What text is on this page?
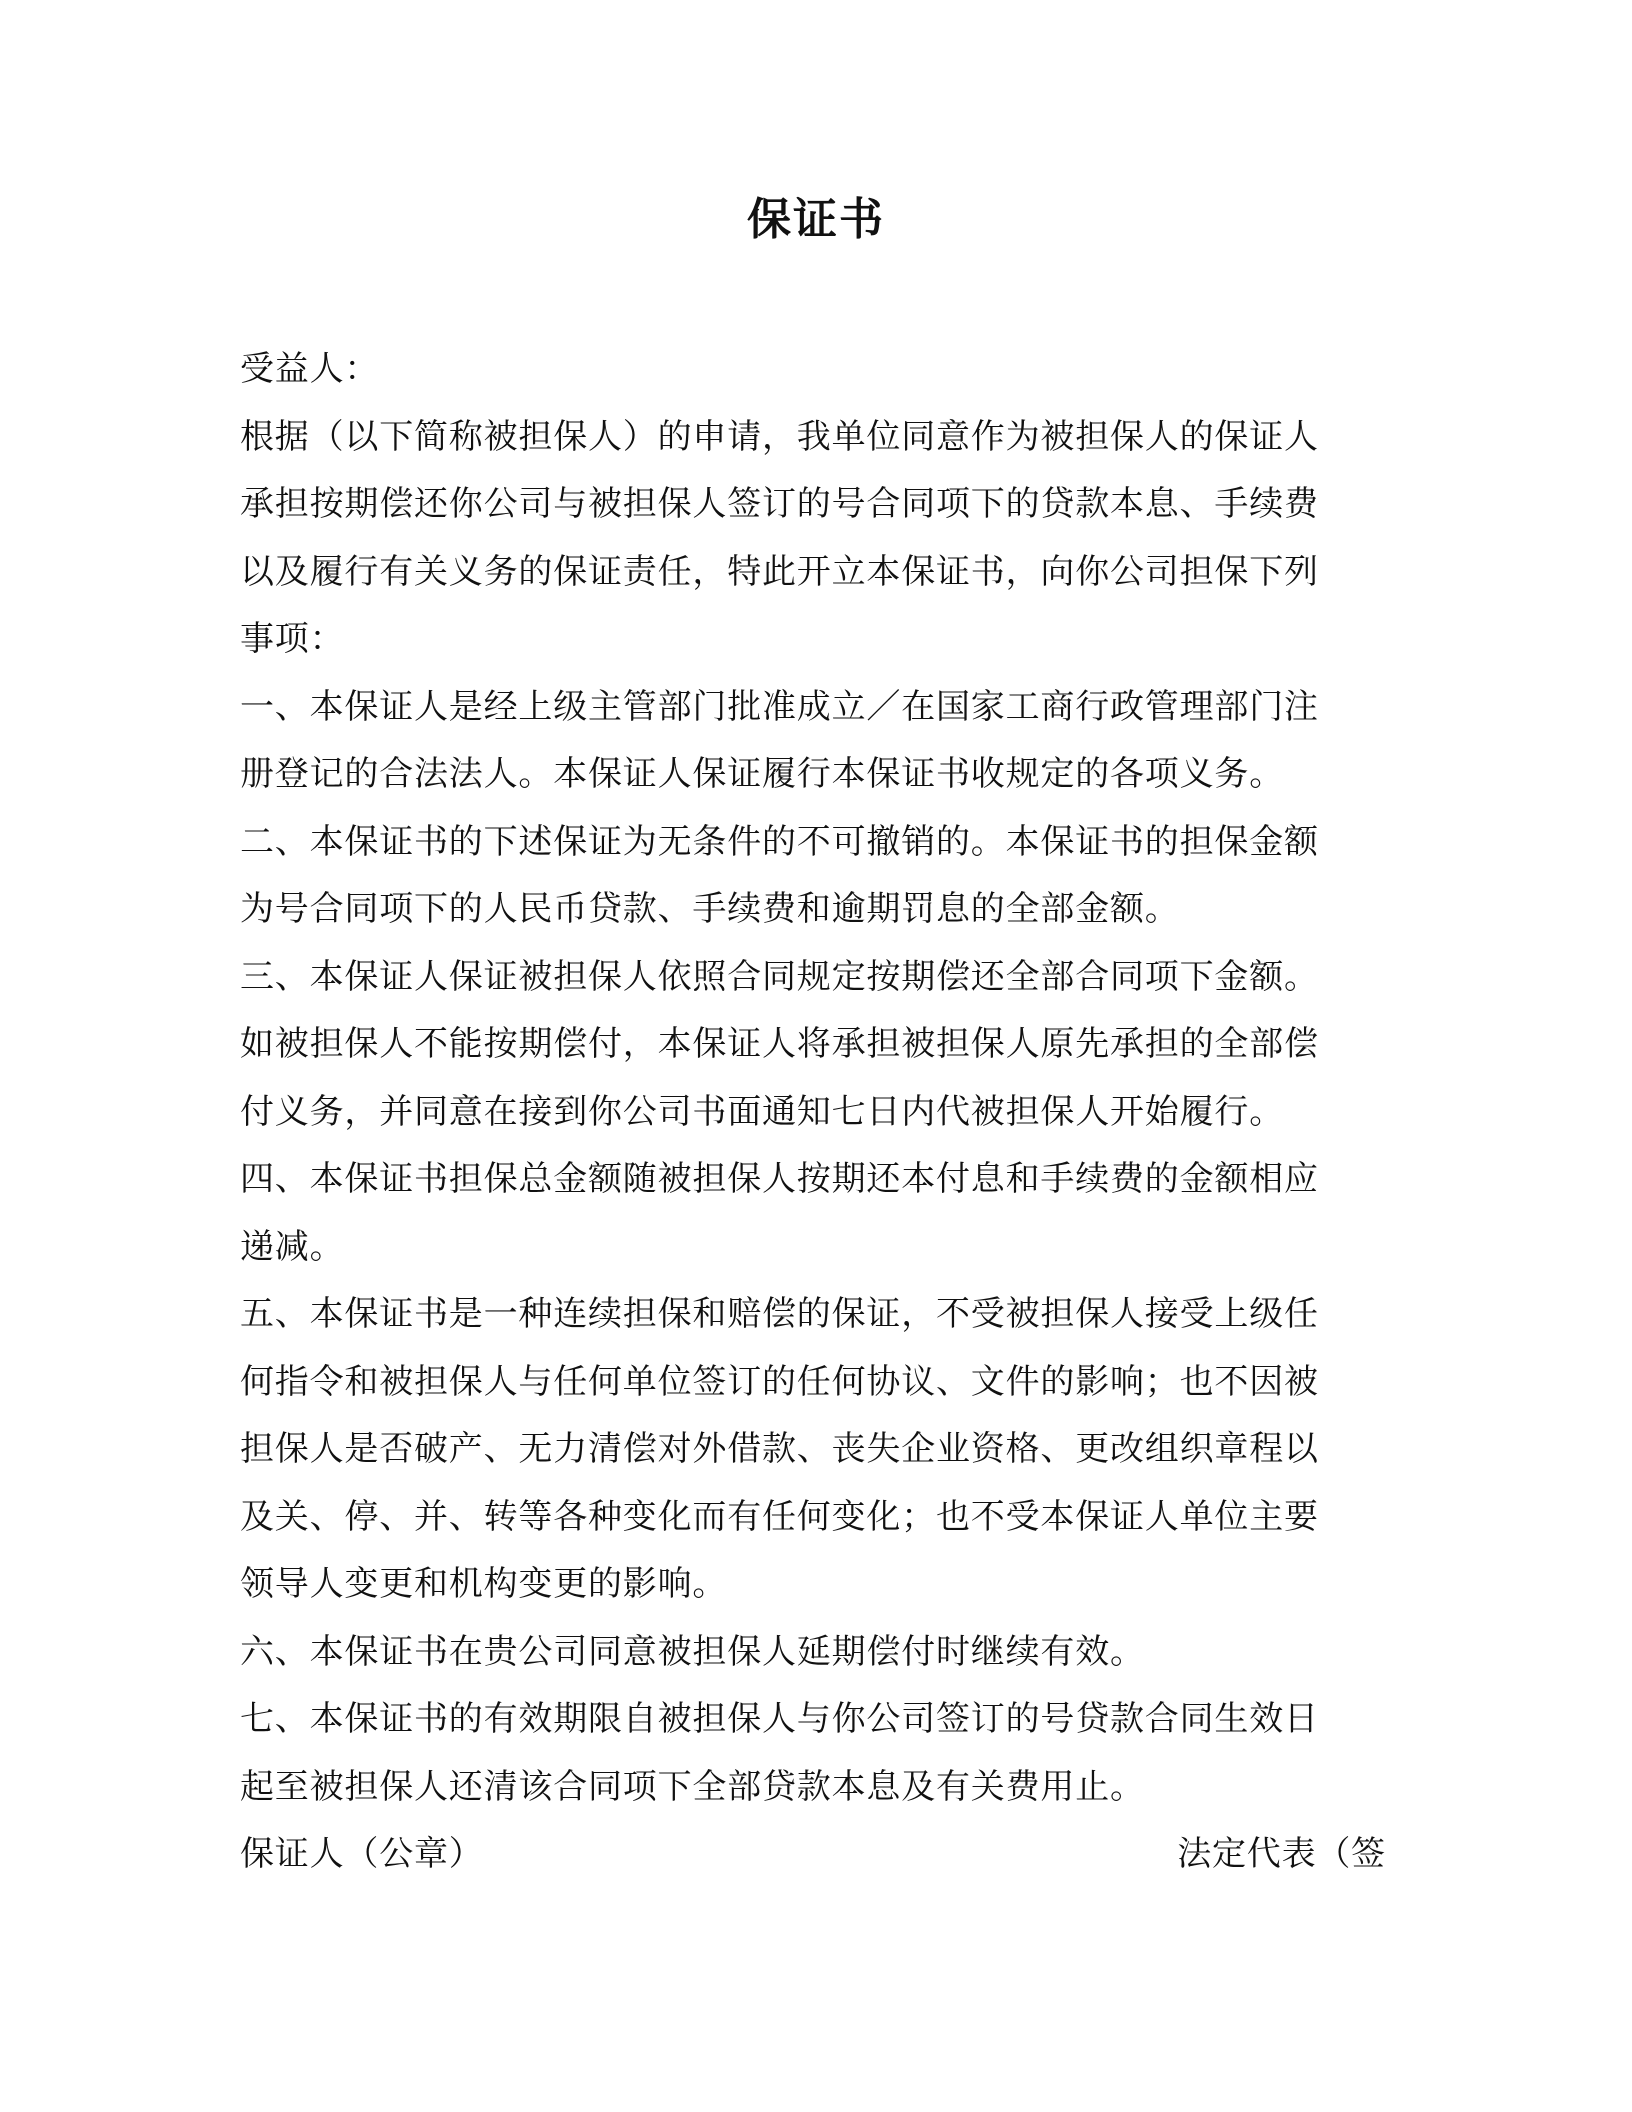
保证书
受益人：
根据（以下简称被担保人）的申请，我单位同意作为被担保人的保证人
承担按期偿还你公司与被担保人签订的号合同项下的贷款本息、手续费
以及履行有关义务的保证责任，特此开立本保证书，向你公司担保下列
事项：
一、本保证人是经上级主管部门批准成立／在国家工商行政管理部门注
册登记的合法法人。本保证人保证履行本保证书收规定的各项义务。
二、本保证书的下述保证为无条件的不可撤销的。本保证书的担保金额
为号合同项下的人民币贷款、手续费和逾期罚息的全部金额。
三、本保证人保证被担保人依照合同规定按期偿还全部合同项下金额。
如被担保人不能按期偿付，本保证人将承担被担保人原先承担的全部偿
付义务，并同意在接到你公司书面通知七日内代被担保人开始履行。
四、本保证书担保总金额随被担保人按期还本付息和手续费的金额相应
递减。
五、本保证书是一种连续担保和赔偿的保证，不受被担保人接受上级任
何指令和被担保人与任何单位签订的任何协议、文件的影响；也不因被
担保人是否破产、无力清偿对外借款、丧失企业资格、更改组织章程以
及关、停、并、转等各种变化而有任何变化；也不受本保证人单位主要
领导人变更和机构变更的影响。
六、本保证书在贵公司同意被担保人延期偿付时继续有效。
七、本保证书的有效期限自被担保人与你公司签订的号贷款合同生效日
起至被担保人还清该合同项下全部贷款本息及有关费用止。
保证人（公章）	法定代表（签
